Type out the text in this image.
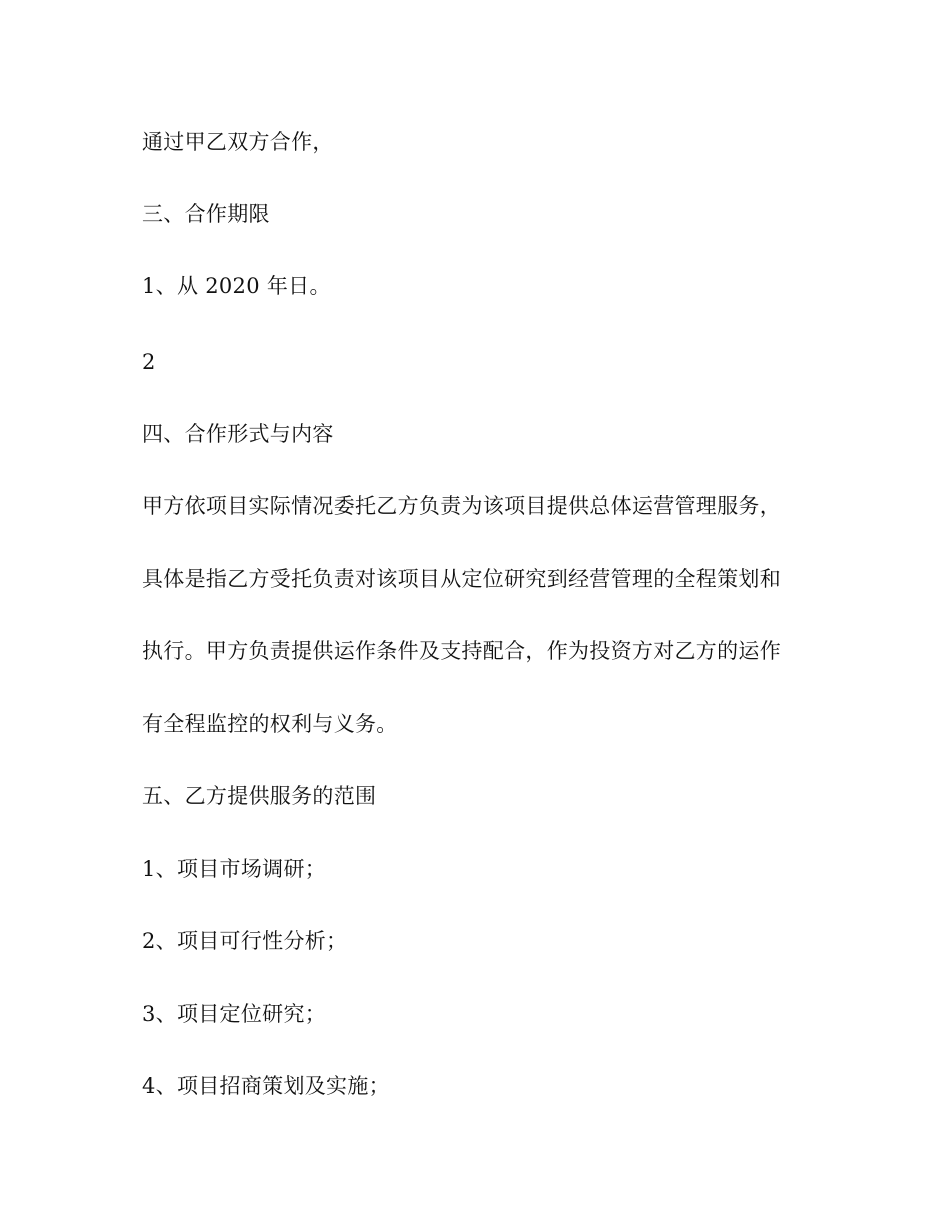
通过甲乙双方合作，
三、合作期限
1、从 2020 年日。
2
四、合作形式与内容
甲方依项目实际情况委托乙方负责为该项目提供总体运营管理服务，
具体是指乙方受托负责对该项目从定位研究到经营管理的全程策划和
执行。甲方负责提供运作条件及支持配合，作为投资方对乙方的运作
有全程监控的权利与义务。
五、乙方提供服务的范围
1、项目市场调研；
2、项目可行性分析；
3、项目定位研究；
4、项目招商策划及实施；
